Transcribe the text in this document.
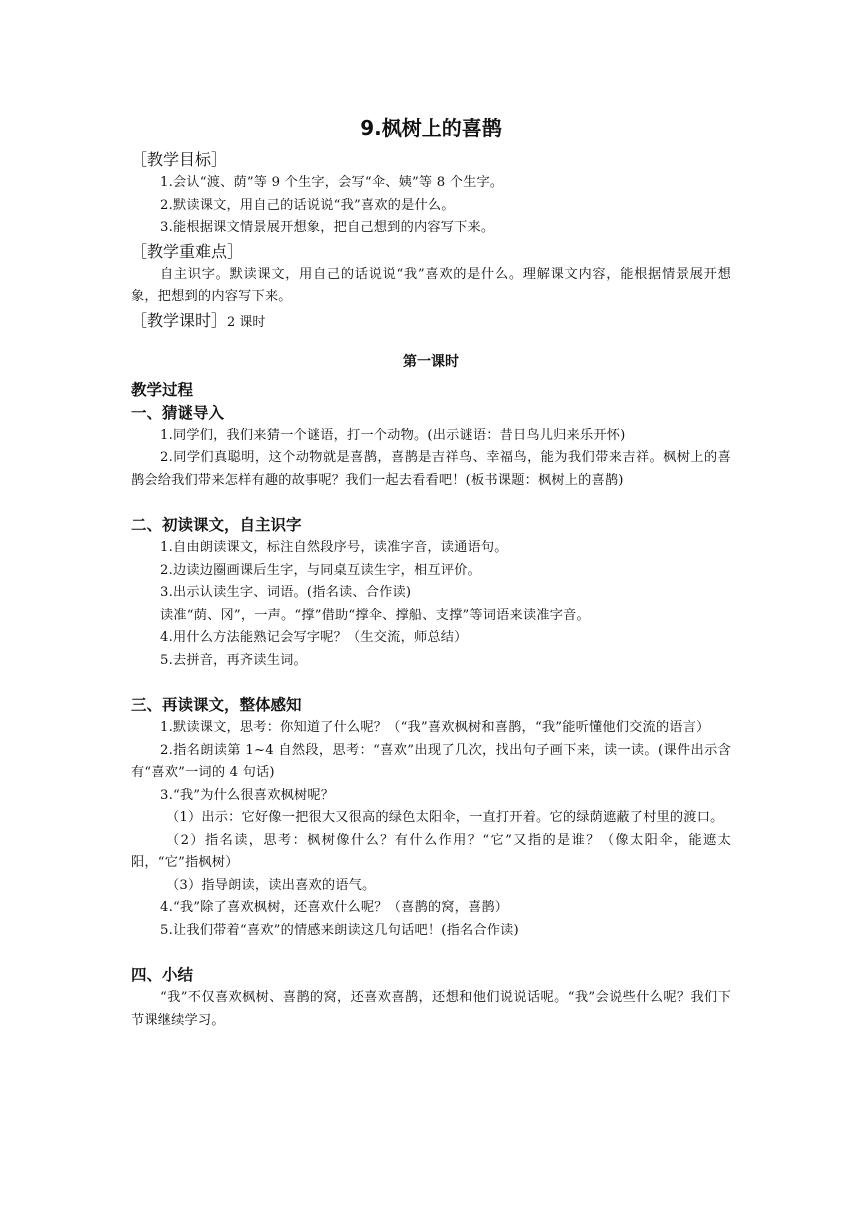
9.枫树上的喜鹊
［教学目标］

1.会认“渡、荫”等 9 个生字，会写“伞、姨”等 8 个生字。

2.默读课文，用自己的话说说“我”喜欢的是什么。

3.能根据课文情景展开想象，把自己想到的内容写下来。

［教学重难点］

自主识字。默读课文，用自己的话说说“我”喜欢的是什么。理解课文内容，能根据情景展开想象，把想到的内容写下来。

［教学课时］2 课时
第一课时
教学过程
一、猜谜导入

1.同学们，我们来猜一个谜语，打一个动物。(出示谜语：昔日鸟儿归来乐开怀)

2.同学们真聪明，这个动物就是喜鹊，喜鹊是吉祥鸟、幸福鸟，能为我们带来吉祥。枫树上的喜鹊会给我们带来怎样有趣的故事呢？我们一起去看看吧！(板书课题：枫树上的喜鹊)

二、初读课文，自主识字

1.自由朗读课文，标注自然段序号，读准字音，读通语句。

2.边读边圈画课后生字，与同桌互读生字，相互评价。

3.出示认读生字、词语。(指名读、合作读)

读准“荫、冈”，一声。“撑”借助“撑伞、撑船、支撑”等词语来读准字音。

4.用什么方法能熟记会写字呢？（生交流，师总结）

5.去拼音，再齐读生词。

三、再读课文，整体感知

1.默读课文，思考：你知道了什么呢？（“我”喜欢枫树和喜鹊，“我”能听懂他们交流的语言）

2.指名朗读第 1~4 自然段，思考：“喜欢”出现了几次，找出句子画下来，读一读。(课件出示含有“喜欢”一词的 4 句话)

3.“我”为什么很喜欢枫树呢？

（1）出示：它好像一把很大又很高的绿色太阳伞，一直打开着。它的绿荫遮蔽了村里的渡口。

（2）指名读，思考：枫树像什么？有什么作用？“它”又指的是谁？（像太阳伞，能遮太阳，“它”指枫树）

（3）指导朗读，读出喜欢的语气。

4.“我”除了喜欢枫树，还喜欢什么呢？（喜鹊的窝，喜鹊）

5.让我们带着“喜欢”的情感来朗读这几句话吧！(指名合作读)

四、小结

“我”不仅喜欢枫树、喜鹊的窝，还喜欢喜鹊，还想和他们说说话呢。“我”会说些什么呢？我们下节课继续学习。
